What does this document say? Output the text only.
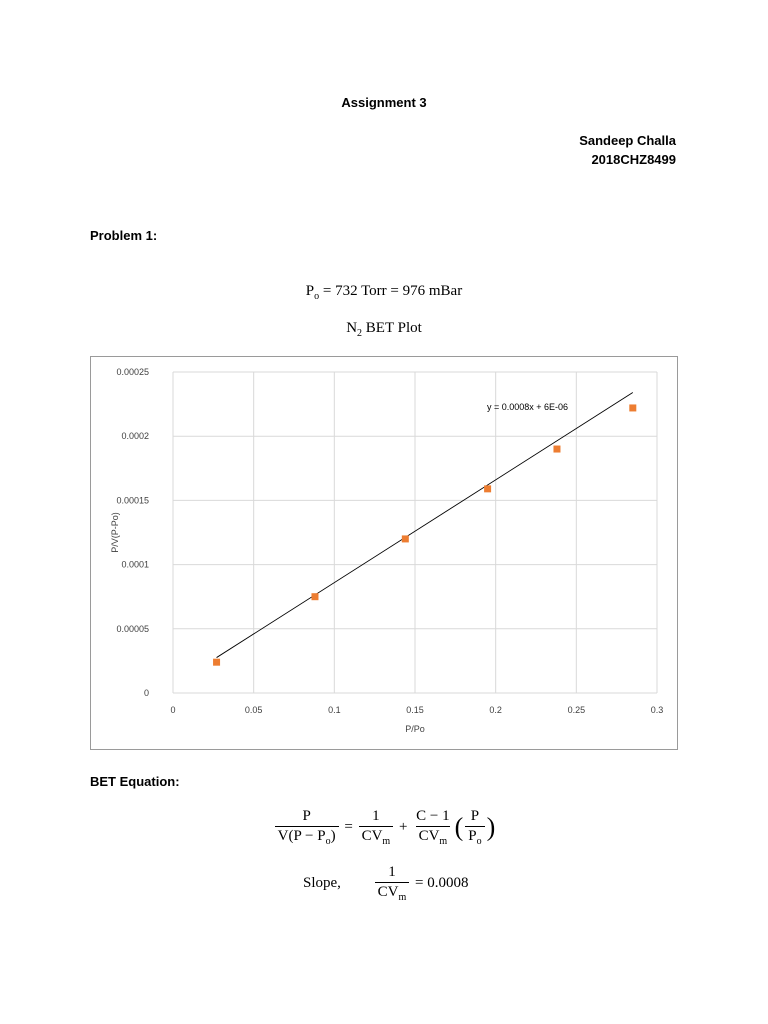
Assignment 3
Sandeep Challa
2018CHZ8499
Problem 1:
$P_o = 732$ Torr = 976 mBar
$N_2$ BET Plot
0
0.00005
0.0001
0.00015
0.0002
0.00025
0	0.05	0.1	0.15	0.2	0.25	0.3
P/Po
P/V(P-Po)
y = 0.0008x + 6E-06
BET Equation:
$\frac{P}{V(P - P_o)} = \frac{1}{CV_m} + \frac{C - 1}{CV_m}$ ( $\frac{P}{P_o}$ )
Slope, $\frac{1}{CV_m} = 0.0008$
